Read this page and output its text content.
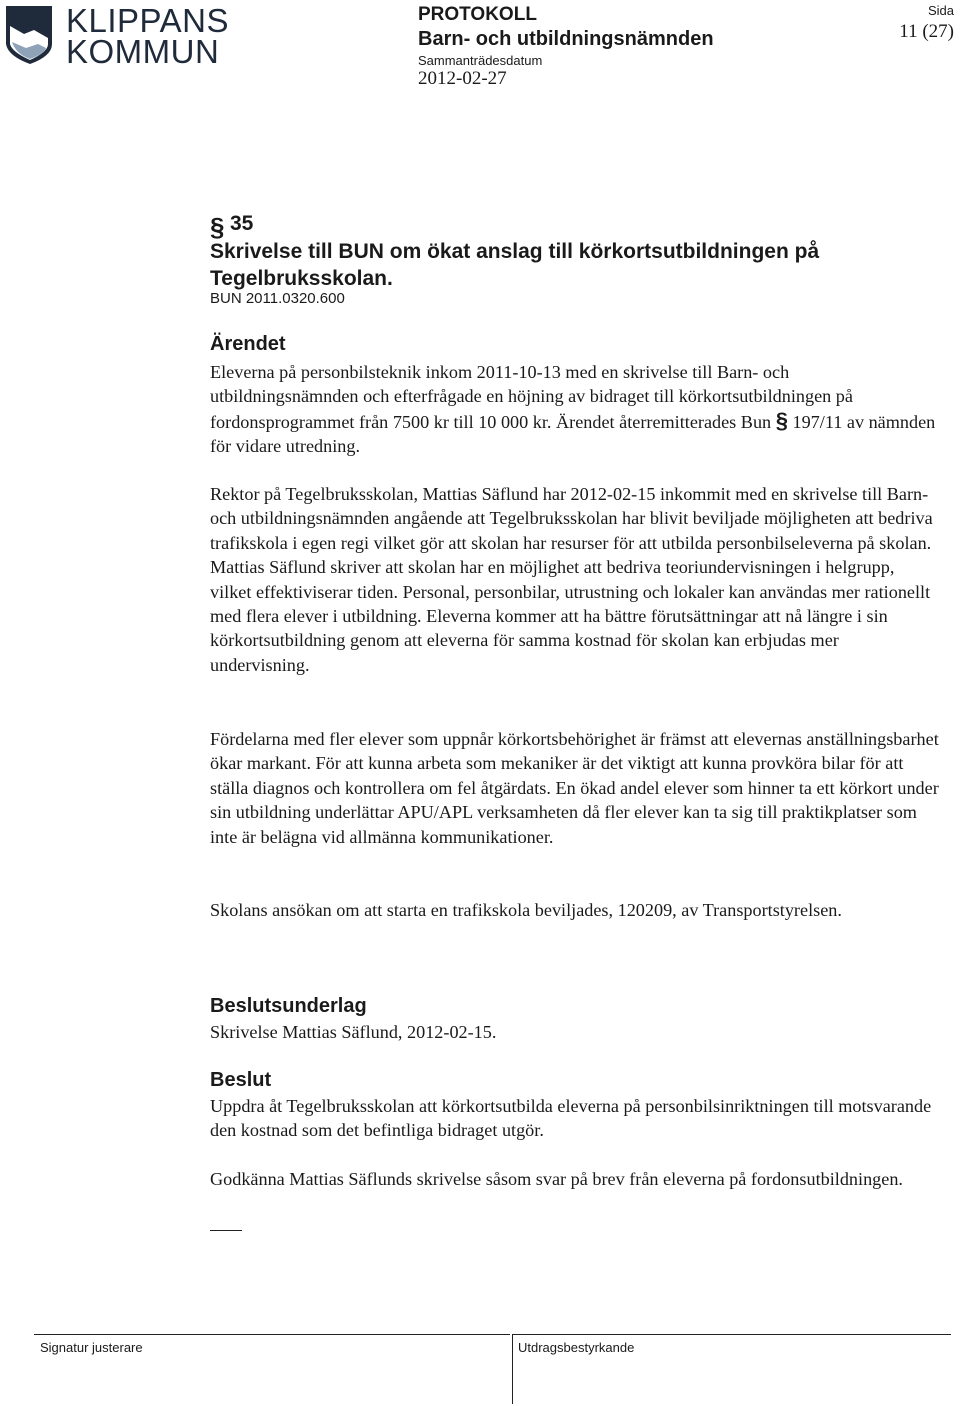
KLIPPANS
KOMMUN
PROTOKOLL
Barn- och utbildningsnämnden
Sammanträdesdatum
2012-02-27
Sida
11 (27)
§ 35
Skrivelse till BUN om ökat anslag till körkortsutbildningen på
Tegelbruksskolan.
BUN 2011.0320.600
Ärendet

Eleverna på personbilsteknik inkom 2011-10-13 med en skrivelse till Barn- och utbildningsnämnden och efterfrågade en höjning av bidraget till körkortsutbildningen på fordonsprogrammet från 7500 kr till 10 000 kr. Ärendet återremitterades Bun § 197/11 av nämnden för vidare utredning.

Rektor på Tegelbruksskolan, Mattias Säflund har 2012-02-15 inkommit med en skrivelse till Barn- och utbildningsnämnden angående att Tegelbruksskolan har blivit beviljade möjligheten att bedriva trafikskola i egen regi vilket gör att skolan har resurser för att utbilda personbilseleverna på skolan. Mattias Säflund skriver att skolan har en möjlighet att bedriva teoriundervisningen i helgrupp, vilket effektiviserar tiden. Personal, personbilar, utrustning och lokaler kan användas mer rationellt med flera elever i utbildning. Eleverna kommer att ha bättre förutsättningar att nå längre i sin körkortsutbildning genom att eleverna för samma kostnad för skolan kan erbjudas mer undervisning.

Fördelarna med fler elever som uppnår körkortsbehörighet är främst att elevernas anställningsbarhet ökar markant. För att kunna arbeta som mekaniker är det viktigt att kunna provköra bilar för att ställa diagnos och kontrollera om fel åtgärdats. En ökad andel elever som hinner ta ett körkort under sin utbildning underlättar APU/APL verksamheten då fler elever kan ta sig till praktikplatser som inte är belägna vid allmänna kommunikationer.

Skolans ansökan om att starta en trafikskola beviljades, 120209, av Transportstyrelsen.

Beslutsunderlag

Skrivelse Mattias Säflund, 2012-02-15.

Beslut

Uppdra åt Tegelbruksskolan att körkortsutbilda eleverna på personbilsinriktningen till motsvarande den kostnad som det befintliga bidraget utgör.

Godkänna Mattias Säflunds skrivelse såsom svar på brev från eleverna på fordonsutbildningen.

Signatur justerare	Utdragsbestyrkande
